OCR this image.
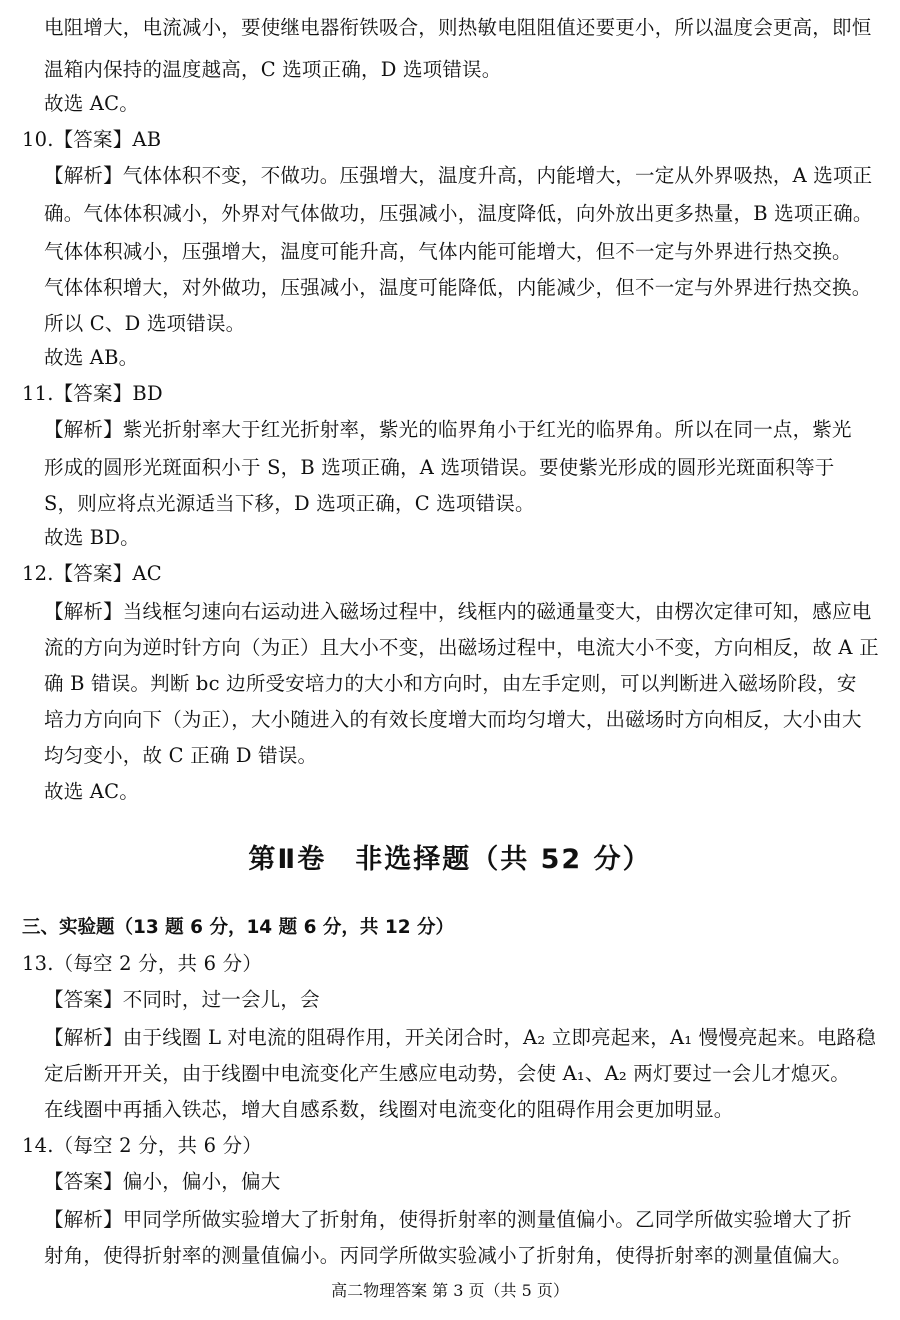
电阻增大，电流减小，要使继电器衔铁吸合，则热敏电阻阻值还要更小，所以温度会更高，即恒
温箱内保持的温度越高，C 选项正确，D 选项错误。
故选 AC。
10.【答案】AB
【解析】气体体积不变，不做功。压强增大，温度升高，内能增大，一定从外界吸热，A 选项正
确。气体体积减小，外界对气体做功，压强减小，温度降低，向外放出更多热量，B 选项正确。
气体体积减小，压强增大，温度可能升高，气体内能可能增大，但不一定与外界进行热交换。
气体体积增大，对外做功，压强减小，温度可能降低，内能减少，但不一定与外界进行热交换。
所以 C、D 选项错误。
故选 AB。
11.【答案】BD
【解析】紫光折射率大于红光折射率，紫光的临界角小于红光的临界角。所以在同一点，紫光
形成的圆形光斑面积小于 S，B 选项正确，A 选项错误。要使紫光形成的圆形光斑面积等于
S，则应将点光源适当下移，D 选项正确，C 选项错误。
故选 BD。
12.【答案】AC
【解析】当线框匀速向右运动进入磁场过程中，线框内的磁通量变大，由楞次定律可知，感应电
流的方向为逆时针方向（为正）且大小不变，出磁场过程中，电流大小不变，方向相反，故 A 正
确 B 错误。判断 bc 边所受安培力的大小和方向时，由左手定则，可以判断进入磁场阶段，安
培力方向向下（为正），大小随进入的有效长度增大而均匀增大，出磁场时方向相反，大小由大
均匀变小，故 C 正确 D 错误。
故选 AC。
第Ⅱ卷　非选择题（共 52 分）
三、实验题（13 题 6 分，14 题 6 分，共 12 分）
13.（每空 2 分，共 6 分）
【答案】不同时，过一会儿，会
【解析】由于线圈 L 对电流的阻碍作用，开关闭合时，A₂ 立即亮起来，A₁ 慢慢亮起来。电路稳
定后断开开关，由于线圈中电流变化产生感应电动势，会使 A₁、A₂ 两灯要过一会儿才熄灭。
在线圈中再插入铁芯，增大自感系数，线圈对电流变化的阻碍作用会更加明显。
14.（每空 2 分，共 6 分）
【答案】偏小，偏小，偏大
【解析】甲同学所做实验增大了折射角，使得折射率的测量值偏小。乙同学所做实验增大了折
射角，使得折射率的测量值偏小。丙同学所做实验减小了折射角，使得折射率的测量值偏大。
高二物理答案 第 3 页（共 5 页）
